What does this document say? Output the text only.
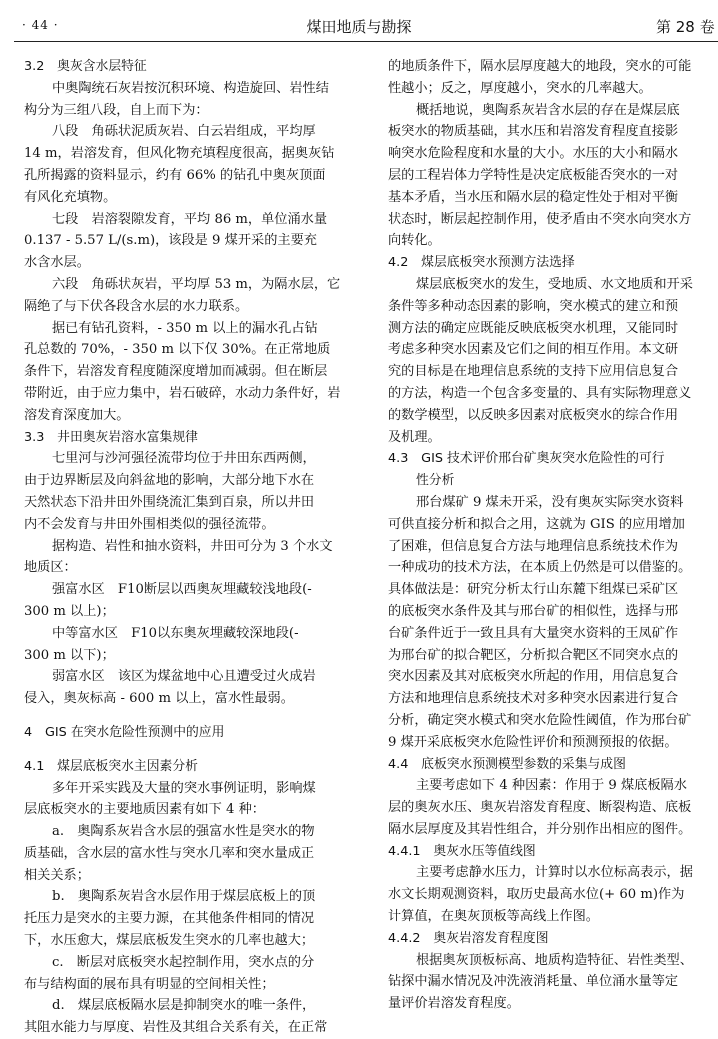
· 44 ·	煤田地质与勘探	第 28 卷
3.2　奥灰含水层特征
中奥陶统石灰岩按沉积环境、构造旋回、岩性结
构分为三组八段，自上而下为：
八段　角砾状泥质灰岩、白云岩组成，平均厚
14 m，岩溶发育，但风化物充填程度很高，据奥灰钻
孔所揭露的资料显示，约有 66% 的钻孔中奥灰顶面
有风化充填物。
七段　岩溶裂隙发育，平均 86 m，单位涌水量
0.137 - 5.57 L/(s.m)，该段是 9 煤开采的主要充
水含水层。
六段　角砾状灰岩，平均厚 53 m，为隔水层，它
隔绝了与下伏各段含水层的水力联系。
据已有钻孔资料，- 350 m 以上的漏水孔占钻
孔总数的 70%，- 350 m 以下仅 30%。在正常地质
条件下，岩溶发育程度随深度增加而减弱。但在断层
带附近，由于应力集中，岩石破碎，水动力条件好，岩
溶发育深度加大。
3.3　井田奥灰岩溶水富集规律
七里河与沙河强径流带均位于井田东西两侧，
由于边界断层及向斜盆地的影响，大部分地下水在
天然状态下沿井田外围绕流汇集到百泉，所以井田
内不会发育与井田外围相类似的强径流带。
据构造、岩性和抽水资料，井田可分为 3 个水文
地质区：
强富水区　F10断层以西奥灰埋藏较浅地段(-
300 m 以上)；
中等富水区　F10以东奥灰埋藏较深地段(-
300 m 以下)；
弱富水区　该区为煤盆地中心且遭受过火成岩
侵入，奥灰标高 - 600 m 以上，富水性最弱。
4　GIS 在突水危险性预测中的应用
4.1　煤层底板突水主因素分析
多年开采实践及大量的突水事例证明，影响煤
层底板突水的主要地质因素有如下 4 种：
a.　奥陶系灰岩含水层的强富水性是突水的物
质基础，含水层的富水性与突水几率和突水量成正
相关关系；
b.　奥陶系灰岩含水层作用于煤层底板上的顶
托压力是突水的主要力源，在其他条件相同的情况
下，水压愈大，煤层底板发生突水的几率也越大；
c.　断层对底板突水起控制作用，突水点的分
布与结构面的展布具有明显的空间相关性；
d.　煤层底板隔水层是抑制突水的唯一条件，
其阻水能力与厚度、岩性及其组合关系有关，在正常
的地质条件下，隔水层厚度越大的地段，突水的可能
性越小；反之，厚度越小，突水的几率越大。
概括地说，奥陶系灰岩含水层的存在是煤层底
板突水的物质基础，其水压和岩溶发育程度直接影
响突水危险程度和水量的大小。水压的大小和隔水
层的工程岩体力学特性是决定底板能否突水的一对
基本矛盾，当水压和隔水层的稳定性处于相对平衡
状态时，断层起控制作用，使矛盾由不突水向突水方
向转化。
4.2　煤层底板突水预测方法选择
煤层底板突水的发生，受地质、水文地质和开采
条件等多种动态因素的影响，突水模式的建立和预
测方法的确定应既能反映底板突水机理，又能同时
考虑多种突水因素及它们之间的相互作用。本文研
究的目标是在地理信息系统的支持下应用信息复合
的方法，构造一个包含多变量的、具有实际物理意义
的数学模型，以反映多因素对底板突水的综合作用
及机理。
4.3　GIS 技术评价邢台矿奥灰突水危险性的可行
性分析
邢台煤矿 9 煤未开采，没有奥灰实际突水资料
可供直接分析和拟合之用，这就为 GIS 的应用增加
了困难，但信息复合方法与地理信息系统技术作为
一种成功的技术方法，在本质上仍然是可以借鉴的。
具体做法是：研究分析太行山东麓下组煤已采矿区
的底板突水条件及其与邢台矿的相似性，选择与邢
台矿条件近于一致且具有大量突水资料的王凤矿作
为邢台矿的拟合靶区，分析拟合靶区不同突水点的
突水因素及其对底板突水所起的作用，用信息复合
方法和地理信息系统技术对多种突水因素进行复合
分析，确定突水模式和突水危险性阈值，作为邢台矿
9 煤开采底板突水危险性评价和预测预报的依据。
4.4　底板突水预测模型参数的采集与成图
主要考虑如下 4 种因素：作用于 9 煤底板隔水
层的奥灰水压、奥灰岩溶发育程度、断裂构造、底板
隔水层厚度及其岩性组合，并分别作出相应的图件。
4.4.1　奥灰水压等值线图
主要考虑静水压力，计算时以水位标高表示，据
水文长期观测资料，取历史最高水位(+ 60 m)作为
计算值，在奥灰顶板等高线上作图。
4.4.2　奥灰岩溶发育程度图
根据奥灰顶板标高、地质构造特征、岩性类型、
钻探中漏水情况及冲洗液消耗量、单位涌水量等定
量评价岩溶发育程度。
